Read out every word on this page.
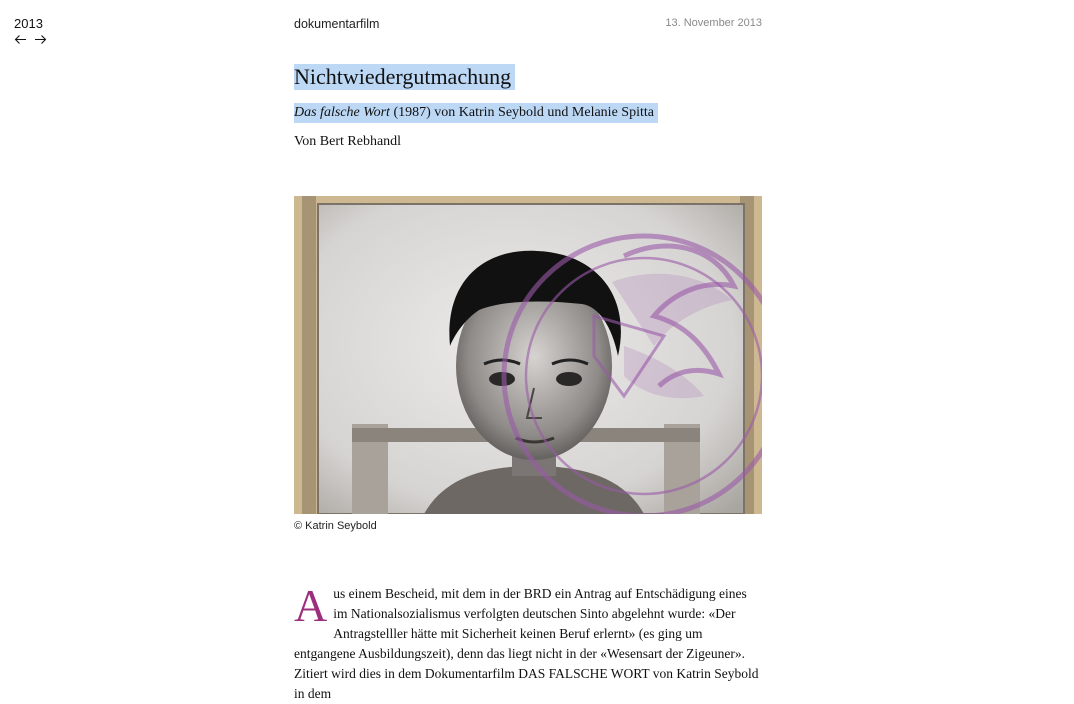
2013	dokumentarfilm	13. November 2013
Nichtwiedergutmachung
Das falsche Wort (1987) von Katrin Seybold und Melanie Spitta
Von Bert Rebhandl
© Katrin Seybold
A us einem Bescheid, mit dem in der BRD ein Antrag auf Entschädigung eines im Nationalsozialismus verfolgten deutschen Sinto abgelehnt wurde: «Der Antragstelller hätte mit Sicherheit keinen Beruf erlernt» (es ging um entgangene Ausbildungszeit), denn das liegt nicht in der «Wesensart der Zigeuner». Zitiert wird dies in dem Dokumentarfilm DAS FALSCHE WORT von Katrin Seybold in dem
